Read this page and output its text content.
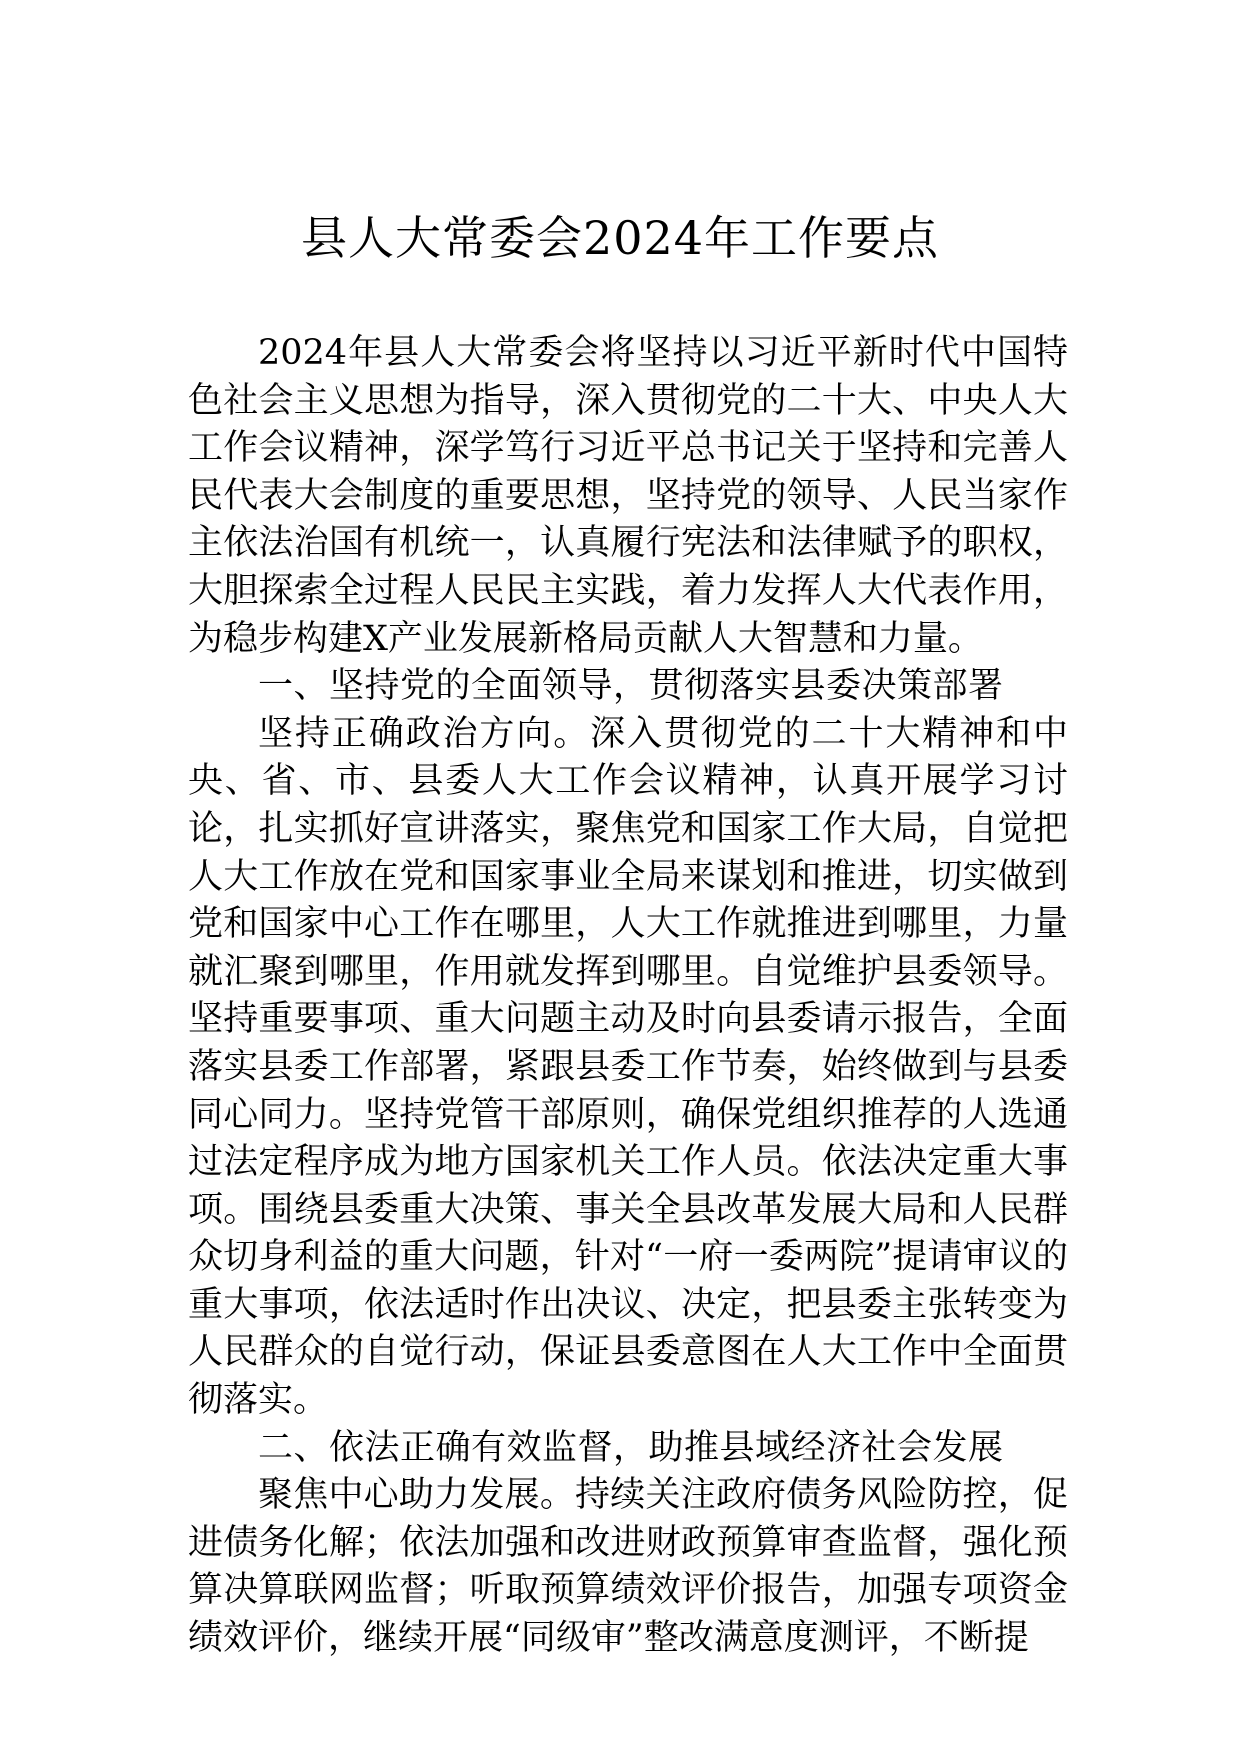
县人大常委会2024年工作要点

2024年县人大常委会将坚持以习近平新时代中国特色社会主义思想为指导，深入贯彻党的二十大、中央人大工作会议精神，深学笃行习近平总书记关于坚持和完善人民代表大会制度的重要思想，坚持党的领导、人民当家作主依法治国有机统一，认真履行宪法和法律赋予的职权，大胆探索全过程人民民主实践，着力发挥人大代表作用，为稳步构建X产业发展新格局贡献人大智慧和力量。

一、坚持党的全面领导，贯彻落实县委决策部署

坚持正确政治方向。深入贯彻党的二十大精神和中央、省、市、县委人大工作会议精神，认真开展学习讨论，扎实抓好宣讲落实，聚焦党和国家工作大局，自觉把人大工作放在党和国家事业全局来谋划和推进，切实做到党和国家中心工作在哪里，人大工作就推进到哪里，力量就汇聚到哪里，作用就发挥到哪里。自觉维护县委领导。坚持重要事项、重大问题主动及时向县委请示报告，全面落实县委工作部署，紧跟县委工作节奏，始终做到与县委同心同力。坚持党管干部原则，确保党组织推荐的人选通过法定程序成为地方国家机关工作人员。依法决定重大事项。围绕县委重大决策、事关全县改革发展大局和人民群众切身利益的重大问题，针对“一府一委两院”提请审议的重大事项，依法适时作出决议、决定，把县委主张转变为人民群众的自觉行动，保证县委意图在人大工作中全面贯彻落实。

二、依法正确有效监督，助推县域经济社会发展

聚焦中心助力发展。持续关注政府债务风险防控，促进债务化解；依法加强和改进财政预算审查监督，强化预算决算联网监督；听取预算绩效评价报告，加强专项资金绩效评价，继续开展“同级审”整改满意度测评，不断提
